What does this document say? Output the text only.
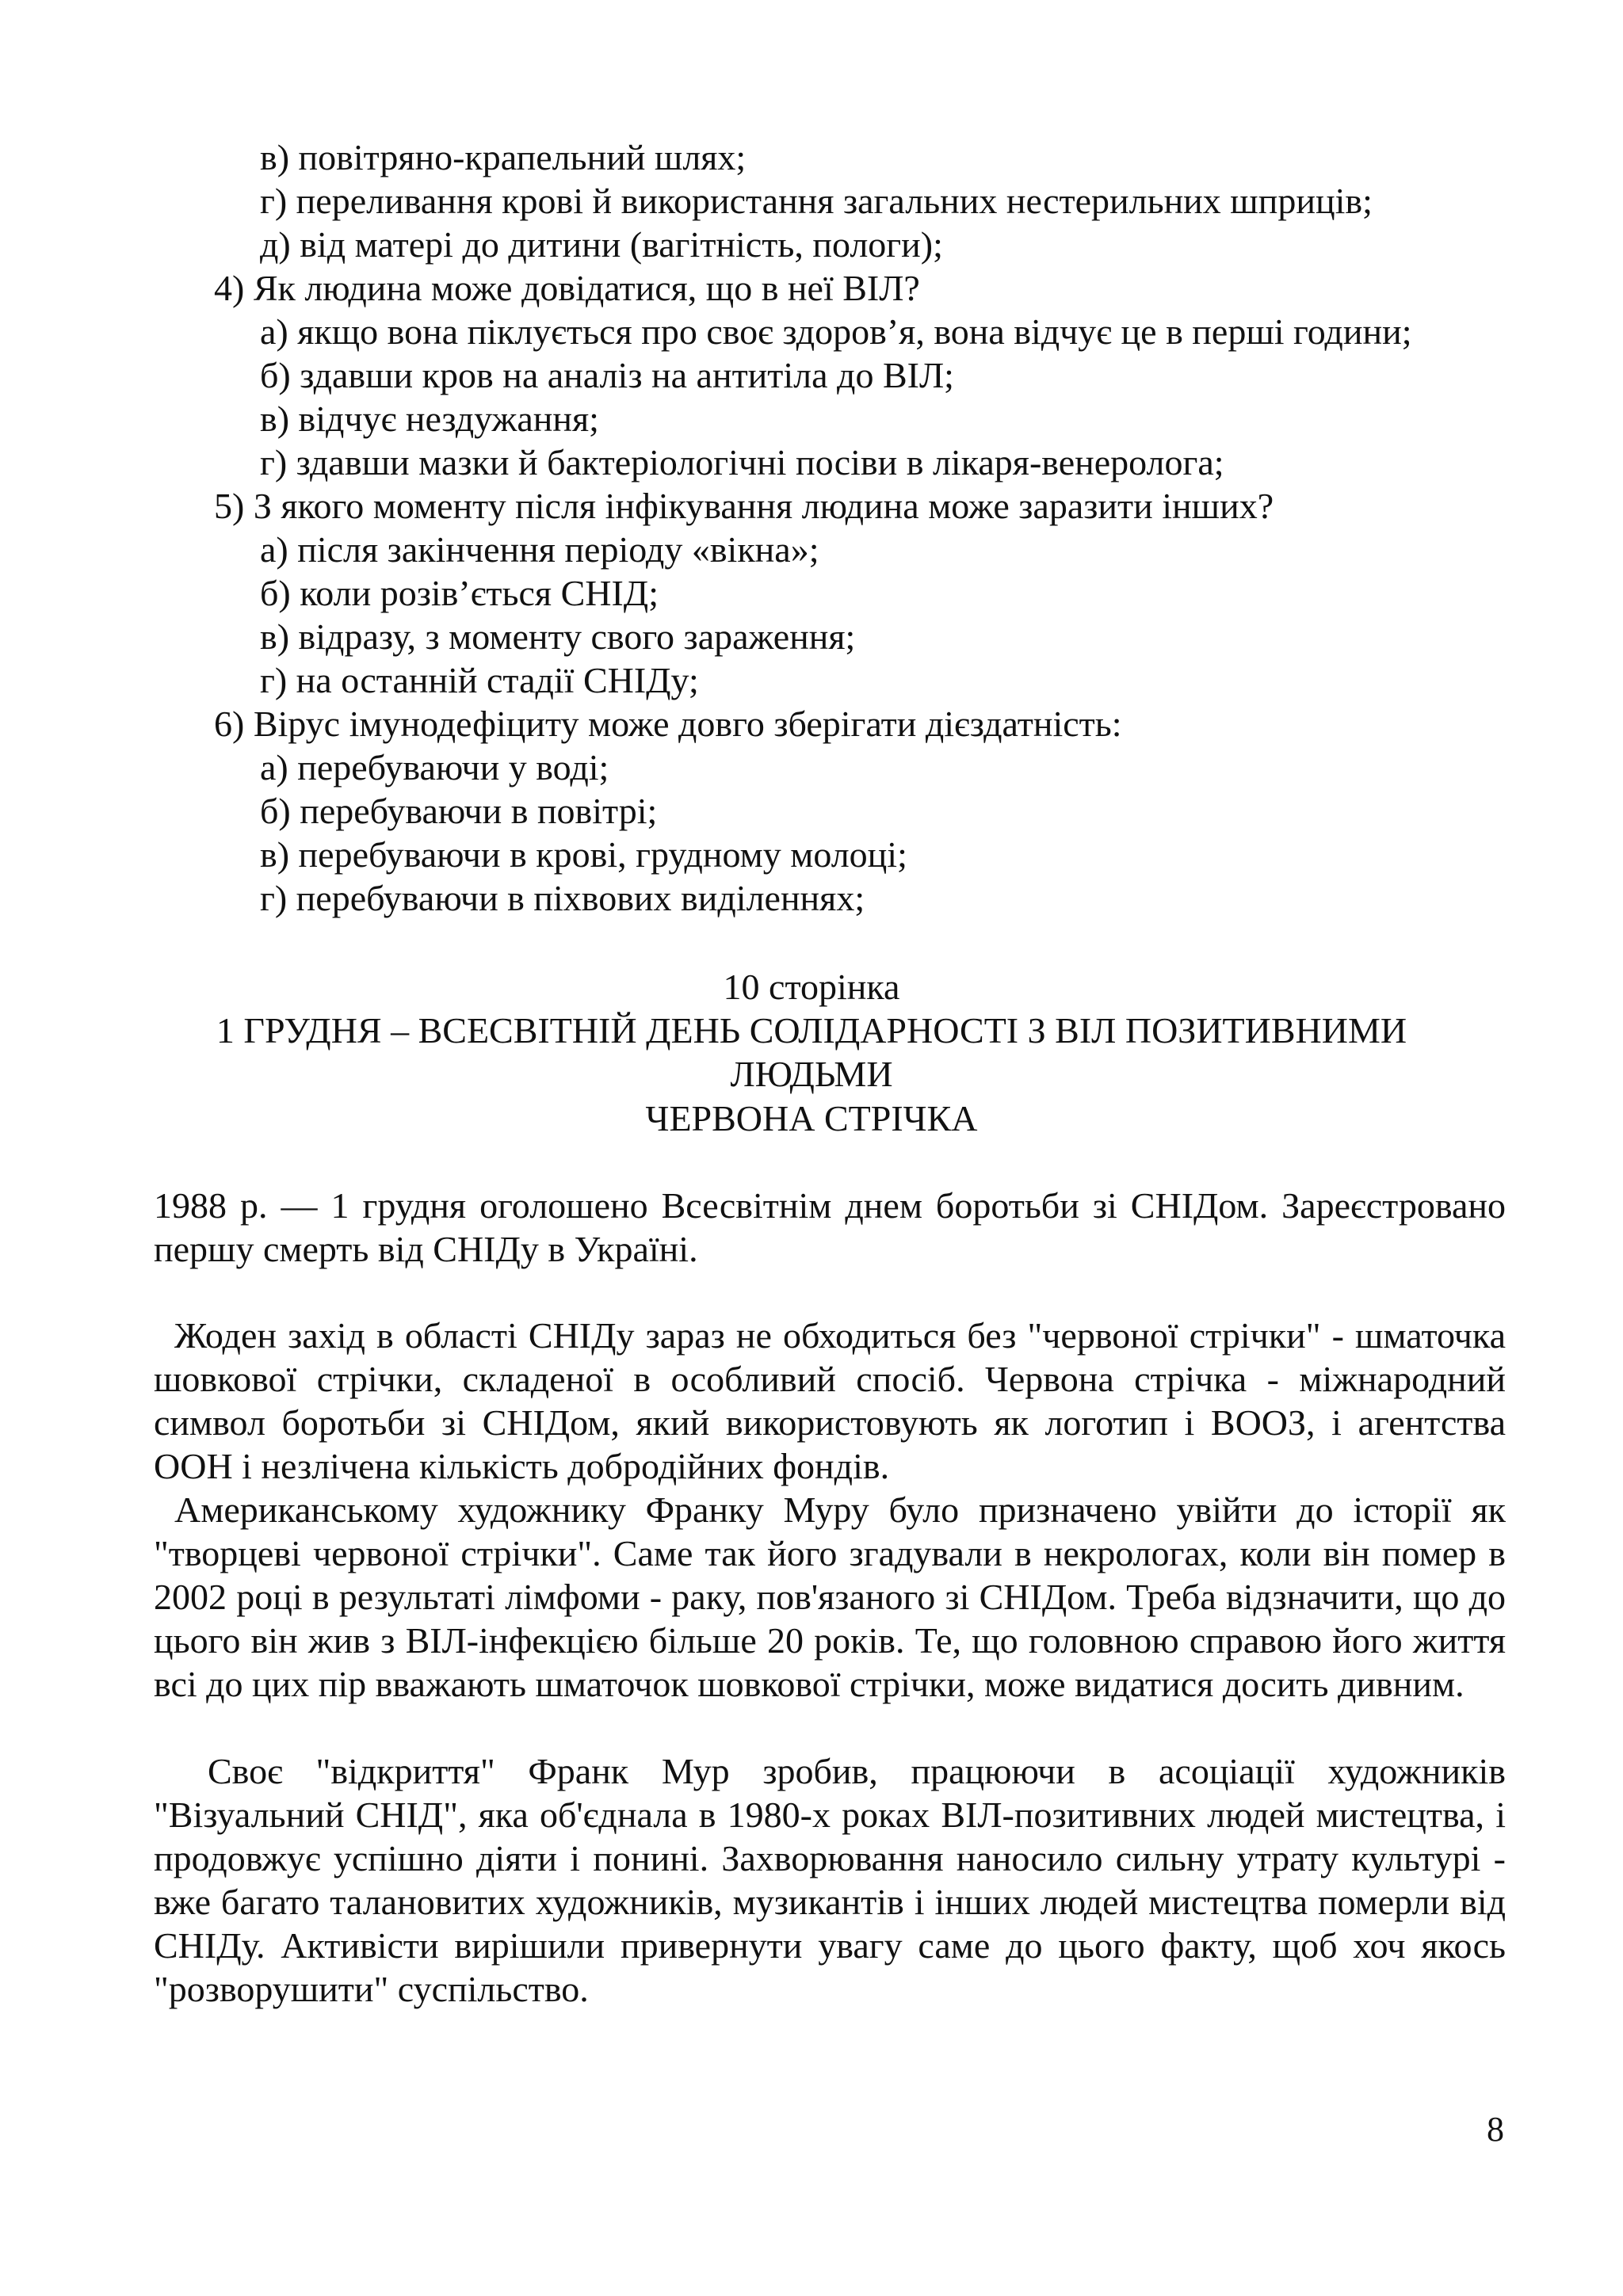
в) повітряно-крапельний шлях;
г) переливання крові й використання загальних нестерильних шприців;
д) від матері до дитини (вагітність, пологи);
4) Як людина може довідатися, що в неї ВІЛ?
а) якщо вона піклується про своє здоров’я, вона відчує це в перші години;
б) здавши кров на аналіз на антитіла до ВІЛ;
в) відчує нездужання;
г) здавши мазки й бактеріологічні посіви в лікаря-венеролога;
5) З якого моменту після інфікування людина може заразити інших?
а) після закінчення періоду «вікна»;
б) коли розів’ється СНІД;
в) відразу, з моменту свого зараження;
г) на останній стадії СНІДу;
6) Вірус імунодефіциту може довго зберігати дієздатність:
а) перебуваючи у воді;
б) перебуваючи в повітрі;
в) перебуваючи в крові, грудному молоці;
г) перебуваючи в піхвових виділеннях;
10 сторінка
1 ГРУДНЯ – ВСЕСВІТНІЙ ДЕНЬ СОЛІДАРНОСТІ З ВІЛ ПОЗИТИВНИМИ
ЛЮДЬМИ
ЧЕРВОНА СТРІЧКА

1988 р. — 1 грудня оголошено Всесвітнім днем боротьби зі СНІДом. Зареєстровано першу смерть від СНІДу в Україні.

Жоден захід в області СНІДу зараз не обходиться без "червоної стрічки" - шматочка шовкової стрічки, складеної в особливий спосіб. Червона стрічка - міжнародний символ боротьби зі СНІДом, який використовують як логотип і ВООЗ, і агентства ООН і незлічена кількість добродійних фондів.

Американському художнику Франку Муру було призначено увійти до історії як "творцеві червоної стрічки". Саме так його згадували в некрологах, коли він помер в 2002 році в результаті лімфоми - раку, пов'язаного зі СНІДом. Треба відзначити, що до цього він жив з ВІЛ-інфекцією більше 20 років. Те, що головною справою його життя всі до цих пір вважають шматочок шовкової стрічки, може видатися досить дивним.

Своє "відкриття" Франк Мур зробив, працюючи в асоціації художників "Візуальний СНІД", яка об'єднала в 1980-х роках ВІЛ-позитивних людей мистецтва, і продовжує успішно діяти і понині. Захворювання наносило сильну утрату культурі - вже багато талановитих художників, музикантів і інших людей мистецтва померли від СНІДу. Активісти вирішили привернути увагу саме до цього факту, щоб хоч якось "розворушити" суспільство.

8
